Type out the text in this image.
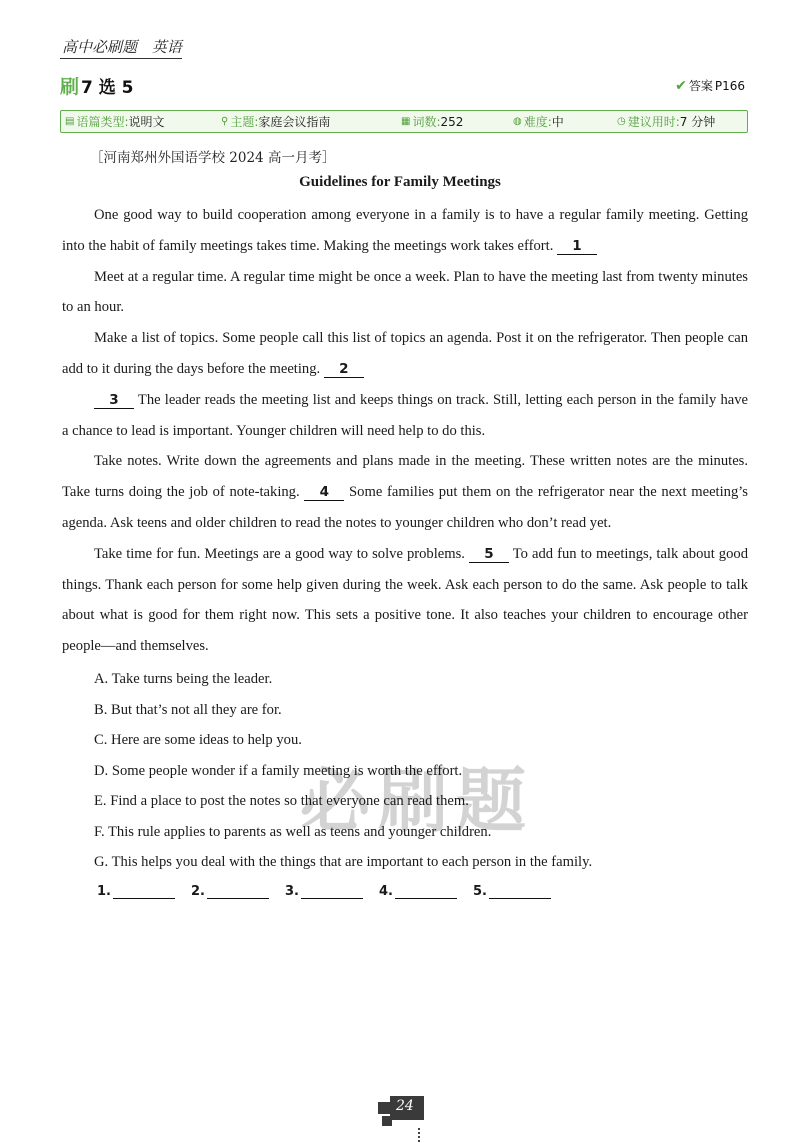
高中必刷题 英语
刷 7 选 5	✔ 答案 P166
▤ 语篇类型: 说明文	⚲ 主题: 家庭会议指南	▦ 词数: 252	◍ 难度: 中	◷ 建议用时: 7 分钟
［河南郑州外国语学校 2024 高一月考］
Guidelines for Family Meetings

One good way to build cooperation among everyone in a family is to have a regular family meeting. Getting into the habit of family meetings takes time. Making the meetings work takes effort. 1

Meet at a regular time. A regular time might be once a week. Plan to have the meeting last from twenty minutes to an hour.

Make a list of topics. Some people call this list of topics an agenda. Post it on the refrigerator. Then people can add to it during the days before the meeting. 2

3 The leader reads the meeting list and keeps things on track. Still, letting each person in the family have a chance to lead is important. Younger children will need help to do this.

Take notes. Write down the agreements and plans made in the meeting. These written notes are the minutes. Take turns doing the job of note-taking. 4 Some families put them on the refrigerator near the next meeting’s agenda. Ask teens and older children to read the notes to younger children who don’t read yet.

Take time for fun. Meetings are a good way to solve problems. 5 To add fun to meetings, talk about good things. Thank each person for some help given during the week. Ask each person to do the same. Ask people to talk about what is good for them right now. This sets a positive tone. It also teaches your children to encourage other people—and themselves.

必 刷 题
A. Take turns being the leader.
B. But that’s not all they are for.
C. Here are some ideas to help you.
D. Some people wonder if a family meeting is worth the effort.
E. Find a place to post the notes so that everyone can read them.
F. This rule applies to parents as well as teens and younger children.
G. This helps you deal with the things that are important to each person in the family.
1.	2.	3.	4.	5.
24
